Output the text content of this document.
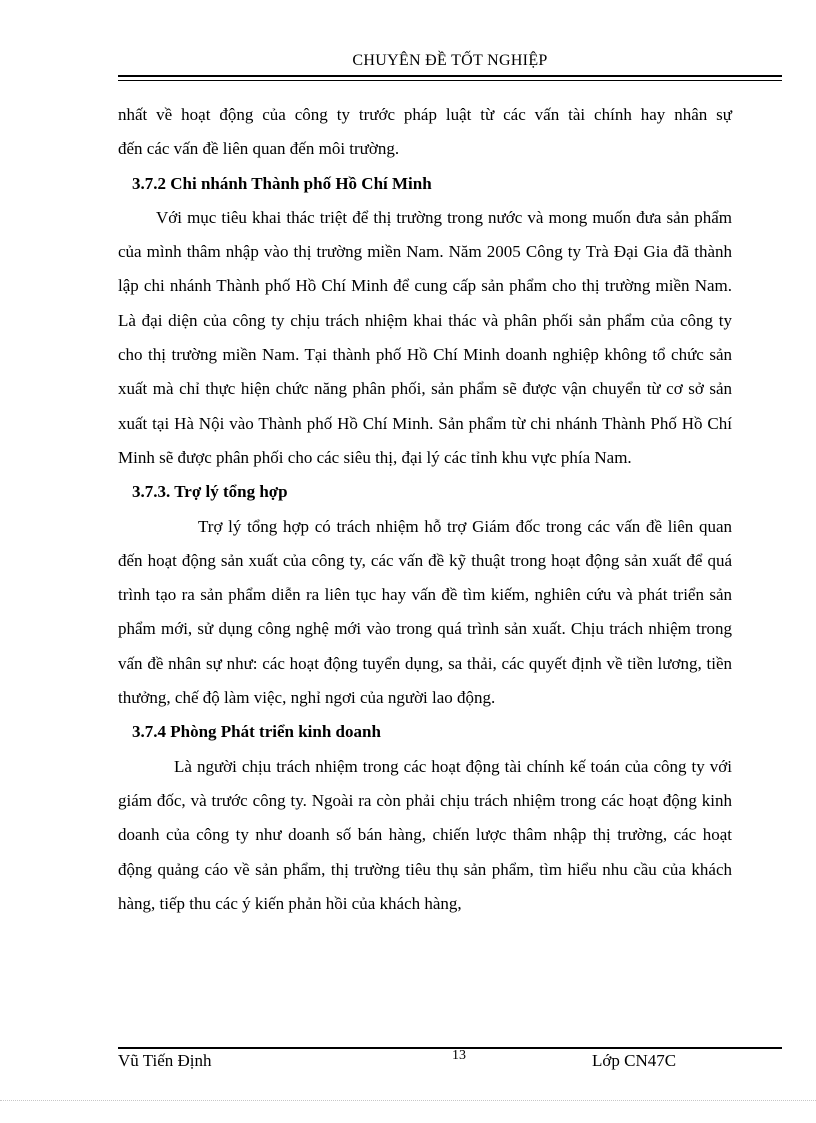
CHUYÊN ĐỀ TỐT NGHIỆP

nhất về hoạt động của công ty trước pháp luật từ các vấn tài chính hay nhân sự

đến các vấn đề liên quan đến môi trường.

3.7.2 Chi nhánh Thành phố Hồ Chí Minh

Với mục tiêu khai thác triệt để thị trường trong nước và mong muốn đưa sản phẩm của mình thâm nhập vào thị trường miền Nam. Năm 2005 Công ty Trà Đại Gia đã thành lập chi nhánh Thành phố Hồ Chí Minh để cung cấp sản phẩm cho thị trường miền Nam. Là đại diện của công ty chịu trách nhiệm khai thác và phân phối sản phẩm của công ty cho thị trường miền Nam. Tại thành phố Hồ Chí Minh doanh nghiệp không tổ chức sản xuất mà chỉ thực hiện chức năng phân phối, sản phẩm sẽ được vận chuyển từ cơ sở sản xuất tại Hà Nội vào Thành phố Hồ Chí Minh. Sản phẩm từ chi nhánh Thành Phố Hồ Chí Minh sẽ được phân phối cho các siêu thị, đại lý các tỉnh khu vực phía Nam.

3.7.3. Trợ lý tổng hợp

Trợ lý tổng hợp có trách nhiệm hỗ trợ Giám đốc trong các vấn đề liên quan đến hoạt động sản xuất của công ty, các vấn đề kỹ thuật trong hoạt động sản xuất để quá trình tạo ra sản phẩm diễn ra liên tục hay vấn đề tìm kiếm, nghiên cứu và phát triển sản phẩm mới, sử dụng công nghệ mới vào trong quá trình sản xuất. Chịu trách nhiệm trong vấn đề nhân sự như: các hoạt động tuyển dụng, sa thải, các quyết định về tiền lương, tiền thưởng, chế độ làm việc, nghỉ ngơi của người lao động.

3.7.4 Phòng Phát triển kinh doanh

Là người chịu trách nhiệm trong các hoạt động tài chính kế toán của công ty với giám đốc, và trước công ty. Ngoài ra còn phải chịu trách nhiệm trong các hoạt động kinh doanh của công ty như doanh số bán hàng, chiến lược thâm nhập thị trường, các hoạt động quảng cáo về sản phẩm, thị trường tiêu thụ sản phẩm, tìm hiểu nhu cầu của khách hàng, tiếp thu các ý kiến phản hồi của khách hàng,

Vũ Tiến Định	13	Lớp CN47C
